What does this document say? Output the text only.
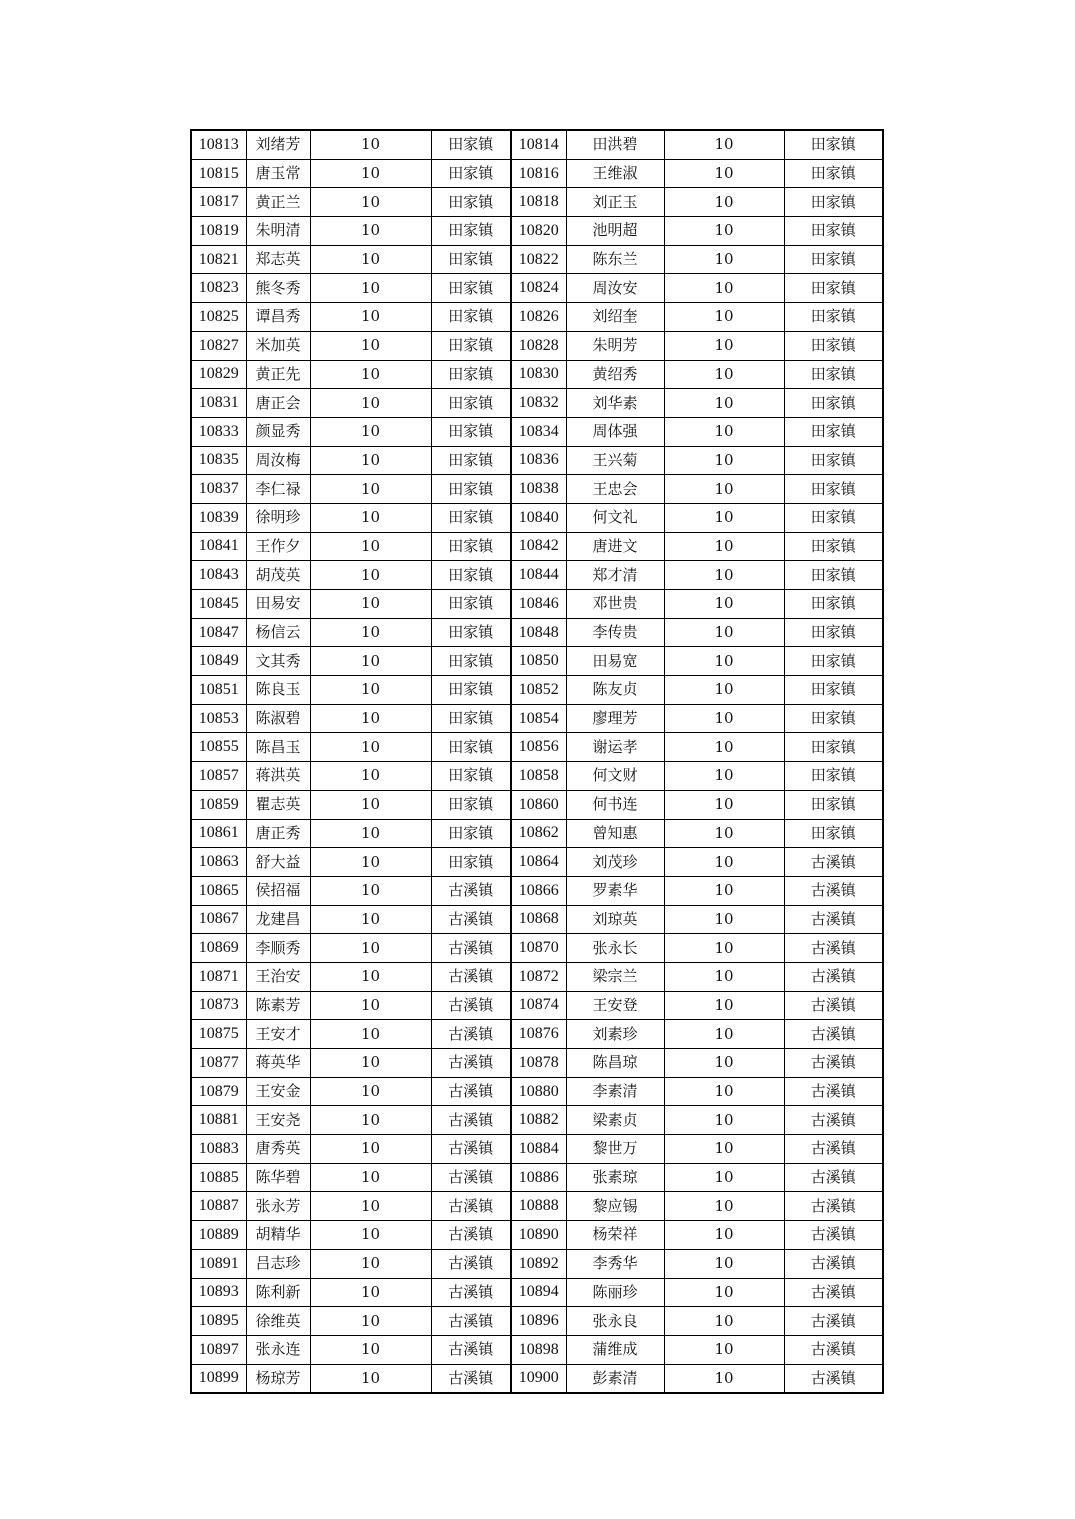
10813	刘绪芳	10	田家镇	10814	田洪碧	10	田家镇
10815	唐玉常	10	田家镇	10816	王维淑	10	田家镇
10817	黄正兰	10	田家镇	10818	刘正玉	10	田家镇
10819	朱明清	10	田家镇	10820	池明超	10	田家镇
10821	郑志英	10	田家镇	10822	陈东兰	10	田家镇
10823	熊冬秀	10	田家镇	10824	周汝安	10	田家镇
10825	谭昌秀	10	田家镇	10826	刘绍奎	10	田家镇
10827	米加英	10	田家镇	10828	朱明芳	10	田家镇
10829	黄正先	10	田家镇	10830	黄绍秀	10	田家镇
10831	唐正会	10	田家镇	10832	刘华素	10	田家镇
10833	颜显秀	10	田家镇	10834	周体强	10	田家镇
10835	周汝梅	10	田家镇	10836	王兴菊	10	田家镇
10837	李仁禄	10	田家镇	10838	王忠会	10	田家镇
10839	徐明珍	10	田家镇	10840	何文礼	10	田家镇
10841	王作夕	10	田家镇	10842	唐进文	10	田家镇
10843	胡茂英	10	田家镇	10844	郑才清	10	田家镇
10845	田易安	10	田家镇	10846	邓世贵	10	田家镇
10847	杨信云	10	田家镇	10848	李传贵	10	田家镇
10849	文其秀	10	田家镇	10850	田易宽	10	田家镇
10851	陈良玉	10	田家镇	10852	陈友贞	10	田家镇
10853	陈淑碧	10	田家镇	10854	廖理芳	10	田家镇
10855	陈昌玉	10	田家镇	10856	谢运孝	10	田家镇
10857	蒋洪英	10	田家镇	10858	何文财	10	田家镇
10859	瞿志英	10	田家镇	10860	何书连	10	田家镇
10861	唐正秀	10	田家镇	10862	曾知惠	10	田家镇
10863	舒大益	10	田家镇	10864	刘茂珍	10	古溪镇
10865	侯招福	10	古溪镇	10866	罗素华	10	古溪镇
10867	龙建昌	10	古溪镇	10868	刘琼英	10	古溪镇
10869	李顺秀	10	古溪镇	10870	张永长	10	古溪镇
10871	王治安	10	古溪镇	10872	梁宗兰	10	古溪镇
10873	陈素芳	10	古溪镇	10874	王安登	10	古溪镇
10875	王安才	10	古溪镇	10876	刘素珍	10	古溪镇
10877	蒋英华	10	古溪镇	10878	陈昌琼	10	古溪镇
10879	王安金	10	古溪镇	10880	李素清	10	古溪镇
10881	王安尧	10	古溪镇	10882	梁素贞	10	古溪镇
10883	唐秀英	10	古溪镇	10884	黎世万	10	古溪镇
10885	陈华碧	10	古溪镇	10886	张素琼	10	古溪镇
10887	张永芳	10	古溪镇	10888	黎应锡	10	古溪镇
10889	胡精华	10	古溪镇	10890	杨荣祥	10	古溪镇
10891	吕志珍	10	古溪镇	10892	李秀华	10	古溪镇
10893	陈利新	10	古溪镇	10894	陈丽珍	10	古溪镇
10895	徐维英	10	古溪镇	10896	张永良	10	古溪镇
10897	张永连	10	古溪镇	10898	蒲维成	10	古溪镇
10899	杨琼芳	10	古溪镇	10900	彭素清	10	古溪镇
